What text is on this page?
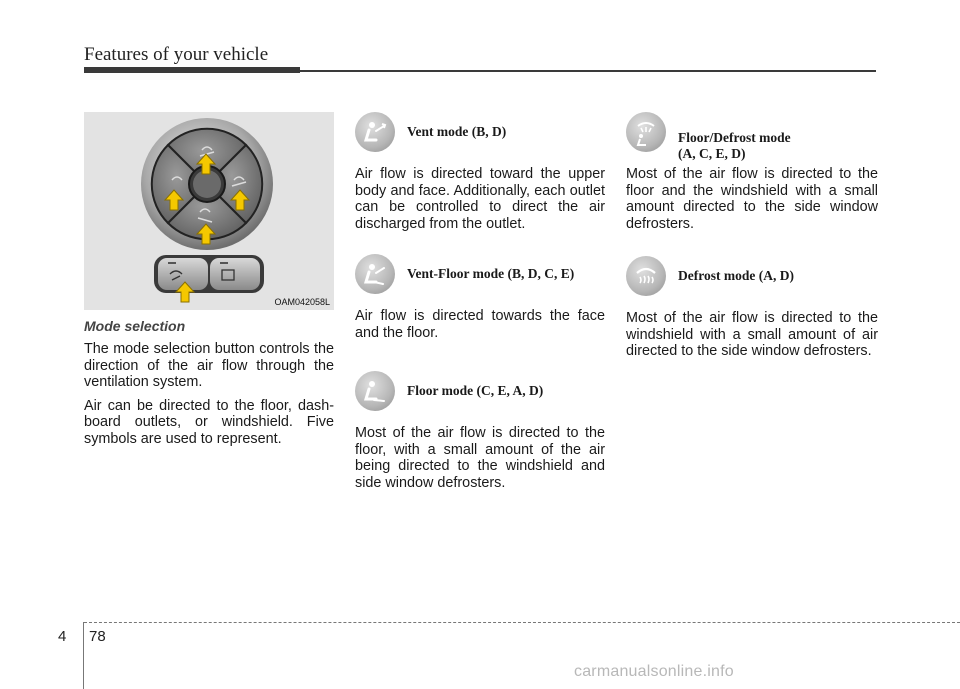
Features of your vehicle
OAM042058L
Mode selection

The mode selection button controls the direction of the air flow through the ventilation system.

Air can be directed to the floor, dash- board outlets, or windshield. Five symbols are used to represent.

Vent mode (B, D)

Air flow is directed toward the upper body and face. Additionally, each outlet can be controlled to direct the air discharged from the outlet.

Vent-Floor mode (B, D, C, E)

Air flow is directed towards the face and the floor.

Floor mode (C, E, A, D)

Most of the air flow is directed to the floor, with a small amount of the air being directed to the windshield and side window defrosters.

Floor/Defrost mode
(A, C, E, D)

Most of the air flow is directed to the floor and the windshield with a small amount directed to the side window defrosters.

Defrost mode (A, D)

Most of the air flow is directed to the windshield with a small amount of air directed to the side window defrosters.

4 78
carmanualsonline.info
